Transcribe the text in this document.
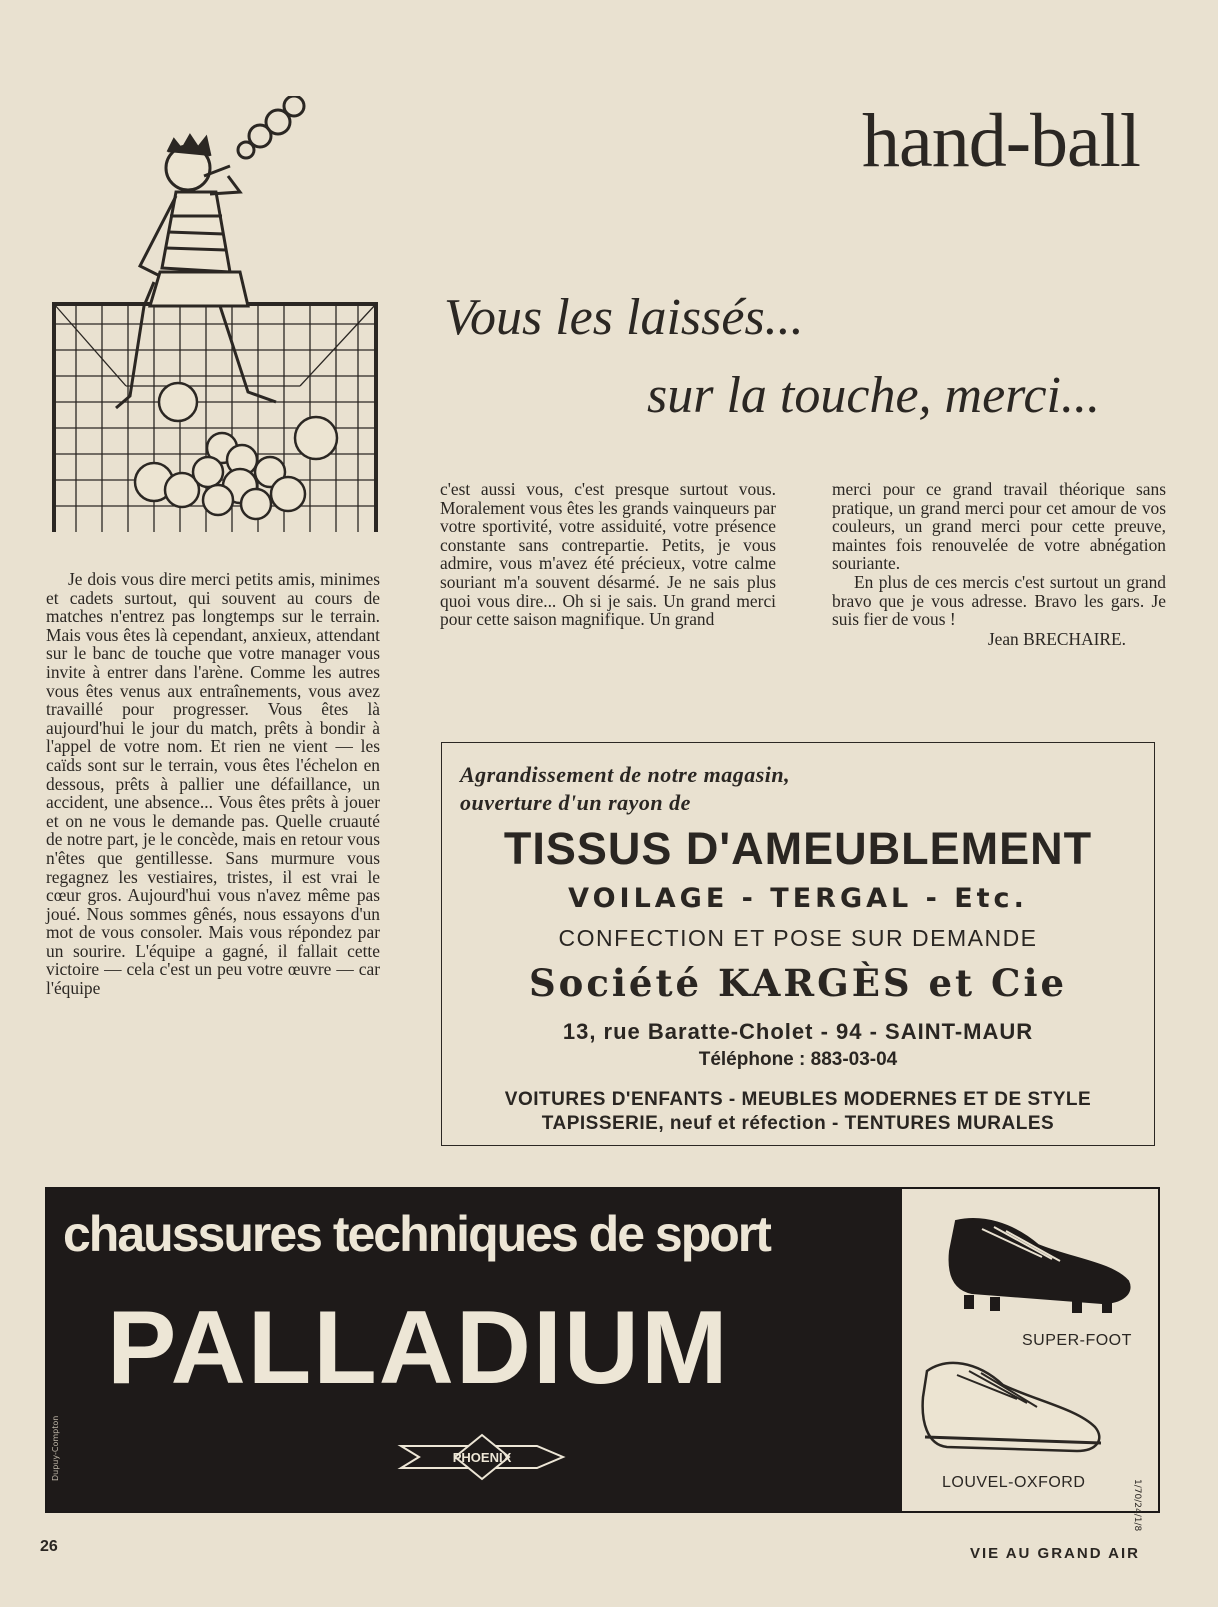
hand-ball
Vous les laissés...
sur la touche, merci...

Je dois vous dire merci petits amis, minimes et cadets surtout, qui souvent au cours de matches n'entrez pas longtemps sur le terrain. Mais vous êtes là cependant, anxieux, attendant sur le banc de touche que votre manager vous invite à entrer dans l'arène. Comme les autres vous êtes venus aux entraînements, vous avez travaillé pour progresser. Vous êtes là aujourd'hui le jour du match, prêts à bondir à l'appel de votre nom. Et rien ne vient — les caïds sont sur le terrain, vous êtes l'échelon en dessous, prêts à pallier une défaillance, un accident, une absence... Vous êtes prêts à jouer et on ne vous le demande pas. Quelle cruauté de notre part, je le concède, mais en retour vous n'êtes que gentillesse. Sans murmure vous regagnez les vestiaires, tristes, il est vrai le cœur gros. Aujourd'hui vous n'avez même pas joué. Nous sommes gênés, nous essayons d'un mot de vous consoler. Mais vous répondez par un sourire. L'équipe a gagné, il fallait cette victoire — cela c'est un peu votre œuvre — car l'équipe

c'est aussi vous, c'est presque surtout vous. Moralement vous êtes les grands vainqueurs par votre sportivité, votre assiduité, votre présence constante sans contrepartie. Petits, je vous admire, vous m'avez été précieux, votre calme souriant m'a souvent désarmé. Je ne sais plus quoi vous dire... Oh si je sais. Un grand merci pour cette saison magnifique. Un grand

merci pour ce grand travail théorique sans pratique, un grand merci pour cet amour de vos couleurs, un grand merci pour cette preuve, maintes fois renouvelée de votre abnégation souriante.

En plus de ces mercis c'est surtout un grand bravo que je vous adresse. Bravo les gars. Je suis fier de vous !

Jean BRECHAIRE.
Agrandissement de notre magasin,
ouverture d'un rayon de
TISSUS D'AMEUBLEMENT
VOILAGE - TERGAL - Etc.
CONFECTION ET POSE SUR DEMANDE
Société KARGÈS et Cie
13, rue Baratte-Cholet - 94 - SAINT-MAUR
Téléphone : 883-03-04
VOITURES D'ENFANTS - MEUBLES MODERNES ET DE STYLE
TAPISSERIE, neuf et réfection - TENTURES MURALES
chaussures techniques de sport
PALLADIUM
Dupuy-Compton	PHOENIX
SUPER-FOOT
LOUVEL-OXFORD	1/70/24/1/8
26	VIE AU GRAND AIR
